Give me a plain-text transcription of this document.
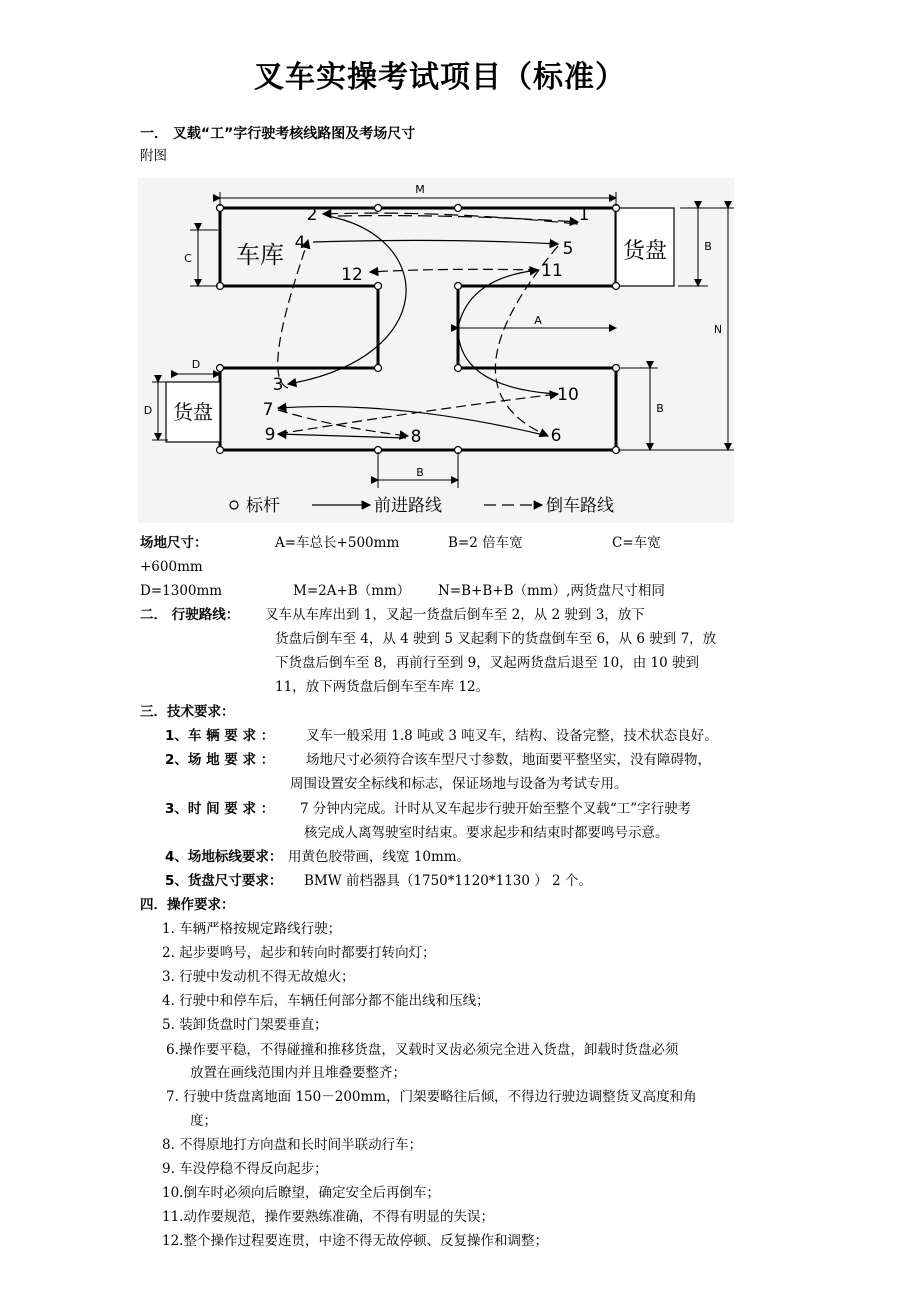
叉车实操考试项目（标准）
一． 叉载“工”字行驶考核线路图及考场尺寸
附图
货盘
货盘
车库
M
N
A
B
B
B
C
D
D
1
2
3
4	5
6
7
8
9
10
11
12
标杆	前进路线	倒车路线
场地尺寸：	A=车总长+500mm	B=2 倍车宽	C=车宽
+600mm
D=1300mm	M=2A+B（mm） N=B+B+B（mm）,两货盘尺寸相同
二． 行驶路线： 叉车从车库出到 1，叉起一货盘后倒车至 2，从 2 驶到 3，放下
货盘后倒车至 4，从 4 驶到 5 叉起剩下的货盘倒车至 6，从 6 驶到 7，放
下货盘后倒车至 8，再前行至到 9，叉起两货盘后退至 10，由 10 驶到
11，放下两货盘后倒车至车库 12。
三．技术要求：
1、车 辆 要 求 ： 叉车一般采用 1.8 吨或 3 吨叉车，结构、设备完整，技术状态良好。
2、场 地 要 求 ： 场地尺寸必须符合该车型尺寸参数，地面要平整坚实，没有障碍物，
周围设置安全标线和标志，保证场地与设备为考试专用。
3、时 间 要 求 ： 7 分钟内完成。计时从叉车起步行驶开始至整个叉载“工”字行驶考
核完成人离驾驶室时结束。要求起步和结束时都要鸣号示意。
4、场地标线要求： 用黄色胶带画，线宽 10mm。
5、货盘尺寸要求： BMW 前档器具（1750*1120*1130 ） 2 个。
四．操作要求：
1. 车辆严格按规定路线行驶；
2. 起步要鸣号，起步和转向时都要打转向灯；
3. 行驶中发动机不得无故熄火；
4. 行驶中和停车后，车辆任何部分都不能出线和压线；
5. 装卸货盘时门架要垂直；
6.操作要平稳，不得碰撞和推移货盘，叉载时叉齿必须完全进入货盘，卸载时货盘必须
放置在画线范围内并且堆叠要整齐；
7. 行驶中货盘离地面 150－200mm，门架要略往后倾，不得边行驶边调整货叉高度和角
度；
8. 不得原地打方向盘和长时间半联动行车；
9. 车没停稳不得反向起步；
10.倒车时必须向后瞭望，确定安全后再倒车；
11.动作要规范，操作要熟练准确，不得有明显的失误；
12.整个操作过程要连贯，中途不得无故停顿、反复操作和调整；
